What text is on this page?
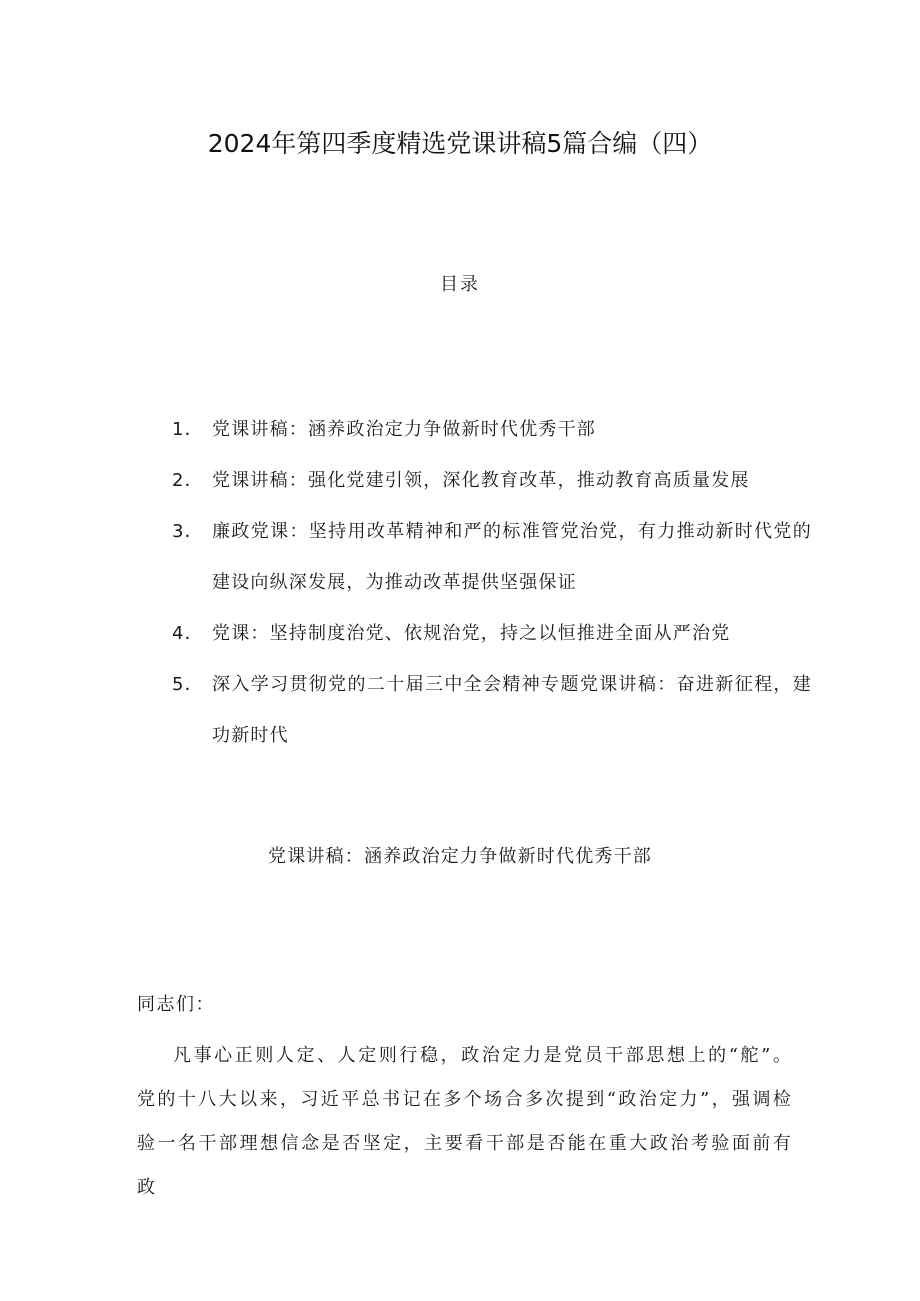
2024年第四季度精选党课讲稿5篇合编（四）
目录
1． 党课讲稿：涵养政治定力争做新时代优秀干部
2． 党课讲稿：强化党建引领，深化教育改革，推动教育高质量发展
3． 廉政党课：坚持用改革精神和严的标准管党治党，有力推动新时代党的建设向纵深发展，为推动改革提供坚强保证
4． 党课：坚持制度治党、依规治党，持之以恒推进全面从严治党
5． 深入学习贯彻党的二十届三中全会精神专题党课讲稿：奋进新征程，建功新时代
党课讲稿：涵养政治定力争做新时代优秀干部

同志们：

凡事心正则人定、人定则行稳，政治定力是党员干部思想上的“舵”。党的十八大以来，习近平总书记在多个场合多次提到“政治定力”，强调检验一名干部理想信念是否坚定，主要看干部是否能在重大政治考验面前有政
